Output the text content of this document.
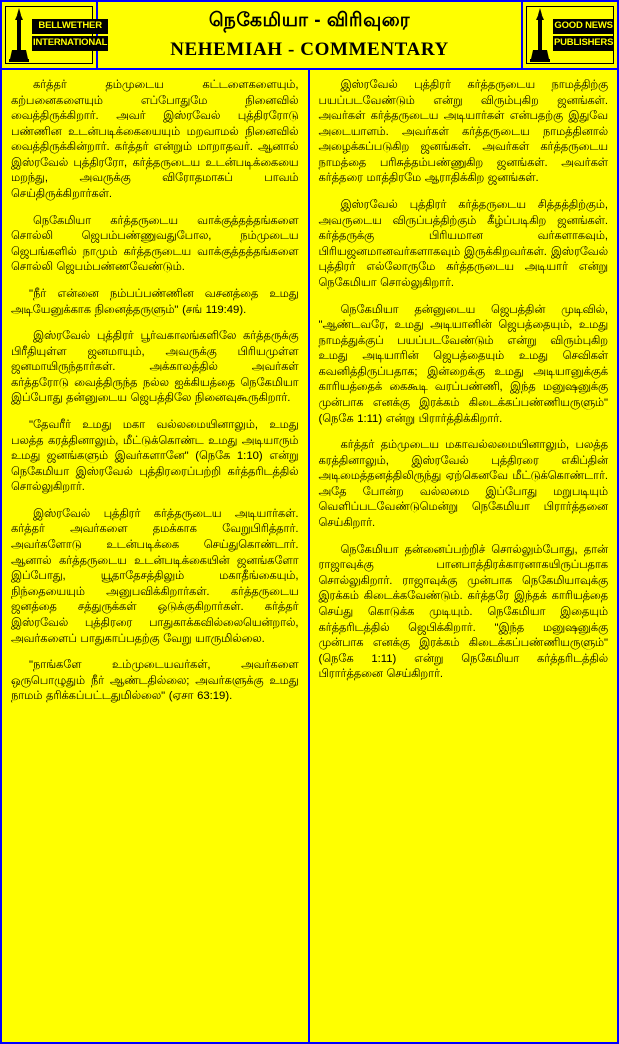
BELLWETHER
INTERNATIONAL
நெகேமியா - விரிவுரை
NEHEMIAH - COMMENTARY
GOOD NEWS
PUBLISHERS

கர்த்தர் தம்முடைய கட்டளைகளையும், கற்பனைகளையும் எப்போதுமே நினைவில் வைத்திருக்கிறார். அவர் இஸ்ரவேல் புத்திரரோடு பண்ணின உடன்படிக்கையையும் மறவாமல் நினைவில் வைத்திருக்கின்றார். கர்த்தர் என்றும் மாறாதவர். ஆனால் இஸ்ரவேல் புத்திரரோ, கர்த்தருடைய உடன்படிக்கையை மறந்து, அவருக்கு விரோதமாகப் பாவம் செய்திருக்கிறார்கள்.

நெகேமியா கர்த்தருடைய வாக்குத்தத்தங்களை சொல்லி ஜெபம்பண்ணுவதுபோல, நம்முடைய ஜெபங்களில் நாமும் கர்த்தருடைய வாக்குத்தத்தங்களை சொல்லி ஜெபம்பண்ணவேண்டும்.

"நீர் என்னை நம்பப்பண்ணின வசனத்தை உமது அடியேனுக்காக நினைத்தருளும்" (சங் 119:49).

இஸ்ரவேல் புத்திரர் பூர்வகாலங்களிலே கர்த்தருக்கு பிரீதியுள்ள ஜனமாயும், அவருக்கு பிரியமுள்ள ஜனமாயிருந்தார்கள். அக்காலத்தில் அவர்கள் கர்த்தரோடு வைத்திருந்த நல்ல ஐக்கியத்தை நெகேமியா இப்போது தன்னுடைய ஜெபத்திலே நினைவுகூருகிறார்.

"தேவரீர் உமது மகா வல்லமையினாலும், உமது பலத்த கரத்தினாலும், மீட்டுக்கொண்ட உமது அடியாரும் உமது ஜனங்களும் இவர்களானே" (நெகே 1:10) என்று நெகேமியா இஸ்ரவேல் புத்திரரைப்பற்றி கர்த்தரிடத்தில் சொல்லுகிறார்.

இஸ்ரவேல் புத்திரர் கர்த்தருடைய அடியார்கள். கர்த்தர் அவர்களை தமக்காக வேறுபிரித்தார். அவர்களோடு உடன்படிக்கை செய்துகொண்டார். ஆனால் கர்த்தருடைய உடன்படிக்கையின் ஜனங்களோ இப்போது, யூதாதேசத்திலும் மகாதீங்கையும், நிந்தையையும் அனுபவிக்கிறார்கள். கர்த்தருடைய ஜனத்தை சத்துருக்கள் ஒடுக்குகிறார்கள். கர்த்தர் இஸ்ரவேல் புத்திரரை பாதுகாக்கவில்லையென்றால், அவர்களைப் பாதுகாப்பதற்கு வேறு யாருமில்லை.

"நாங்களே உம்முடையவர்கள், அவர்களை ஒருபொழுதும் நீர் ஆண்டதில்லை; அவர்களுக்கு உமது நாமம் தரிக்கப்பட்டதுமில்லை" (ஏசா 63:19).

இஸ்ரவேல் புத்திரர் கர்த்தருடைய நாமத்திற்கு பயப்படவேண்டும் என்று விரும்புகிற ஜனங்கள். அவர்கள் கர்த்தருடைய அடியார்கள் என்பதற்கு இதுவே அடையாளம். அவர்கள் கர்த்தருடைய நாமத்தினால் அழைக்கப்படுகிற ஜனங்கள். அவர்கள் கர்த்தருடைய நாமத்தை பரிசுத்தம்பண்ணுகிற ஜனங்கள். அவர்கள் கர்த்தரை மாத்திரமே ஆராதிக்கிற ஜனங்கள்.

இஸ்ரவேல் புத்திரர் கர்த்தருடைய சித்தத்திற்கும், அவருடைய விருப்பத்திற்கும் கீழ்ப்படிகிற ஜனங்கள். கர்த்தருக்கு பிரியமான வர்களாகவும், பிரியஜனமானவர்களாகவும் இருக்கிறவர்கள். இஸ்ரவேல் புத்திரர் எல்லோருமே கர்த்தருடைய அடியார் என்று நெகேமியா சொல்லுகிறார்.

நெகேமியா தன்னுடைய ஜெபத்தின் முடிவில், "ஆண்டவரே, உமது அடியானின் ஜெபத்தையும், உமது நாமத்துக்குப் பயப்படவேண்டும் என்று விரும்புகிற உமது அடியாரின் ஜெபத்தையும் உமது செவிகள் கவனித்திருப்பதாக; இன்றைக்கு உமது அடியானுக்குக் காரியத்தைக் கைகூடி வரப்பண்ணி, இந்த மனுஷனுக்கு முன்பாக எனக்கு இரக்கம் கிடைக்கப்பண்ணியருளும்" (நெகே 1:11) என்று பிரார்த்திக்கிறார்.

கர்த்தர் தம்முடைய மகாவல்லமையினாலும், பலத்த கரத்தினாலும், இஸ்ரவேல் புத்திரரை எகிப்தின் அடிமைத்தனத்திலிருந்து ஏற்கெனவே மீட்டுக்கொண்டார். அதே போன்ற வல்லமை இப்போது மறுபடியும் வெளிப்படவேண்டுமென்று நெகேமியா பிரார்த்தனை செய்கிறார்.

நெகேமியா தன்னைப்பற்றிச் சொல்லும்போது, தான் ராஜாவுக்கு பானபாத்திரக்காரனாகயிருப்பதாக சொல்லுகிறார். ராஜாவுக்கு முன்பாக நெகேமியாவுக்கு இரக்கம் கிடைக்கவேண்டும். கர்த்தரே இந்தக் காரியத்தை செய்து கொடுக்க முடியும். நெகேமியா இதையும் கர்த்தரிடத்தில் ஜெபிக்கிறார். "இந்த மனுஷனுக்கு முன்பாக எனக்கு இரக்கம் கிடைக்கப்பண்ணியருளும்" (நெகே 1:11) என்று நெகேமியா கர்த்தரிடத்தில் பிரார்த்தனை செய்கிறார்.
